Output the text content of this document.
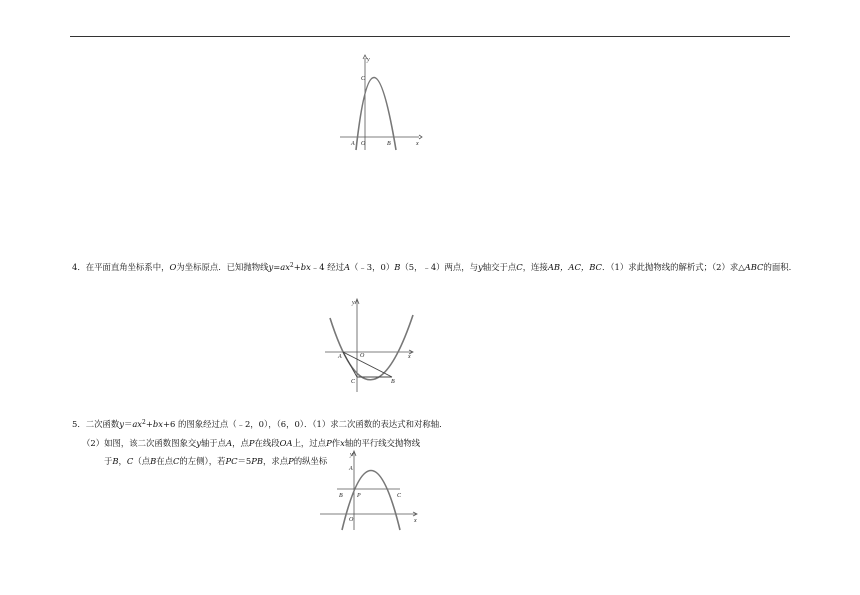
y
C
A O	B	x
4．在平面直角坐标系中，O为坐标原点．已知抛物线$y=ax^2+bx﹣4$ 经过A（﹣3，0）B（5，﹣4）两点，与y轴交于点C，连接AB，AC，BC．（1）求此抛物线的解析式；（2）求△ABC的面积.
y
A	O	x
C	B
5．二次函数$y=ax^2+bx+6$ 的图象经过点（﹣2，0），（6，0）．（1）求二次函数的表达式和对称轴．
（2）如图，该二次函数图象交y轴于点A，点P在线段OA上，过点P作x轴的平行线交抛物线
于B，C（点B在点C的左侧），若PC＝5PB，求点P的纵坐标
y
A
B P	C
O	x
